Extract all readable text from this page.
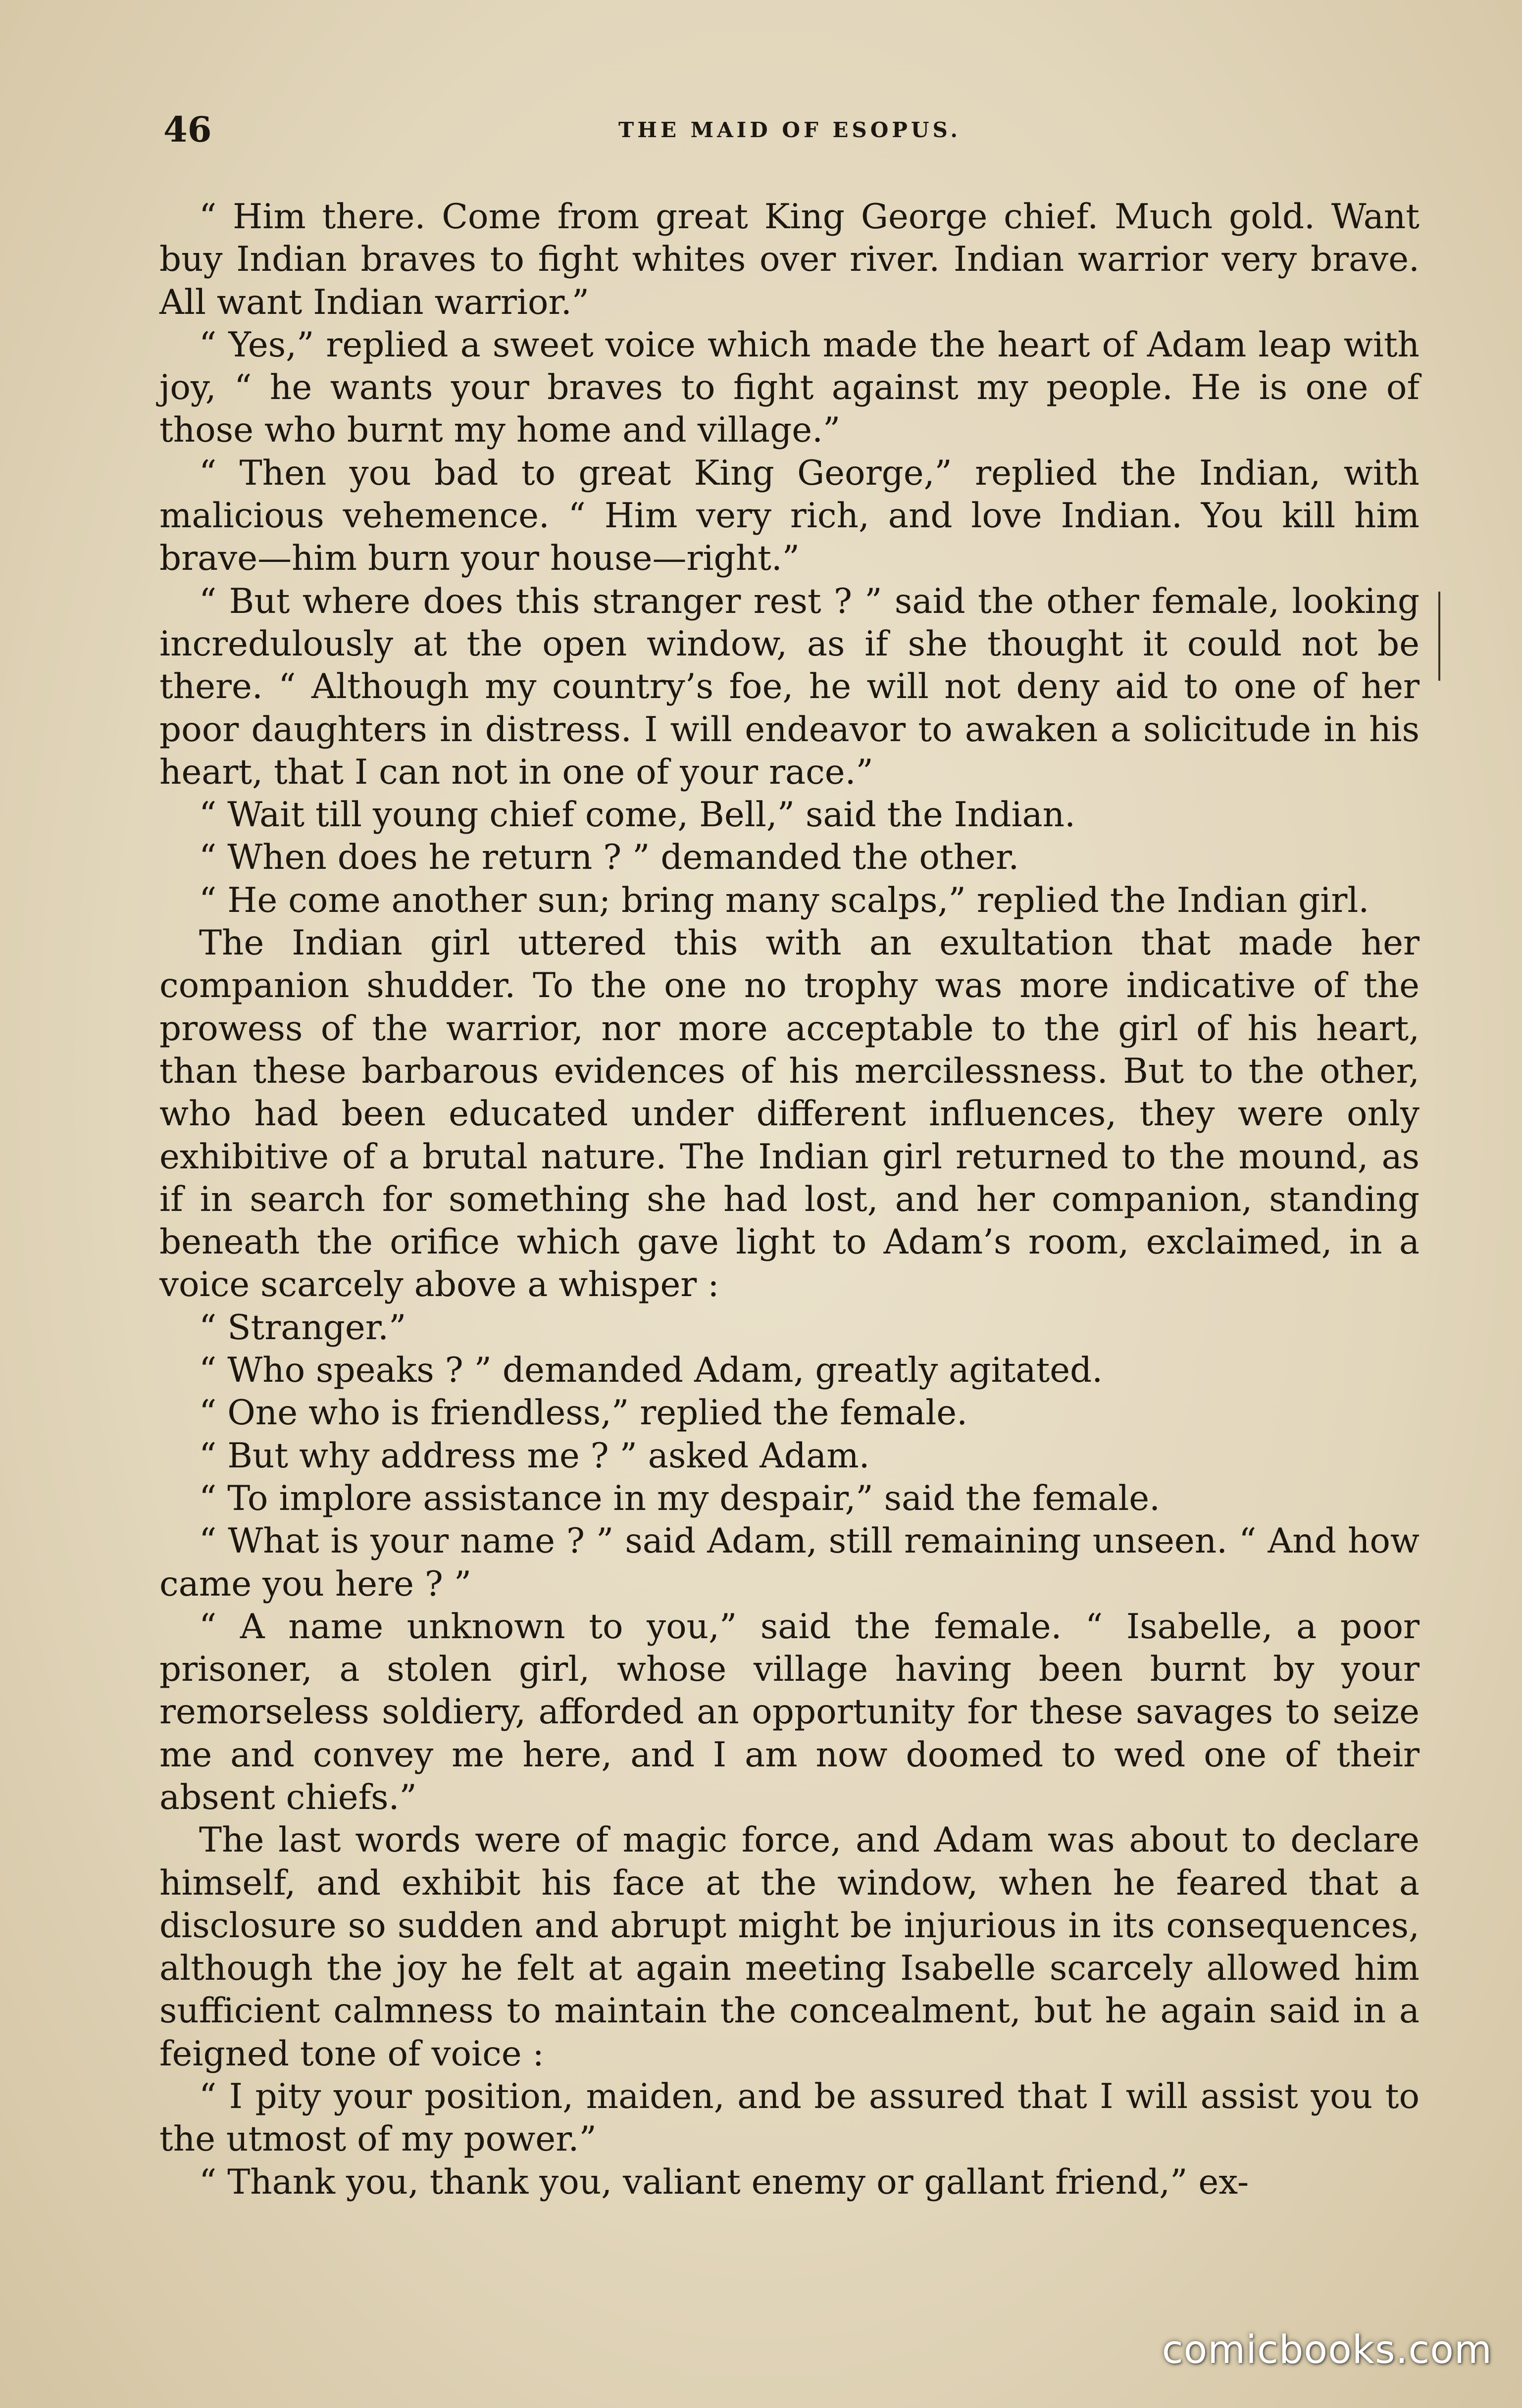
46	THE MAID OF ESOPUS.

“ Him there. Come from great King George chief. Much gold. Want buy Indian braves to fight whites over river. Indian warrior very brave. All want Indian warrior.”

“ Yes,” replied a sweet voice which made the heart of Adam leap with joy, “ he wants your braves to fight against my people. He is one of those who burnt my home and village.”

“ Then you bad to great King George,” replied the Indian, with malicious vehemence. “ Him very rich, and love Indian. You kill him brave—him burn your house—right.”

“ But where does this stranger rest ? ” said the other female, looking incredulously at the open window, as if she thought it could not be there. “ Although my country’s foe, he will not deny aid to one of her poor daughters in distress. I will endeavor to awaken a solicitude in his heart, that I can not in one of your race.”

“ Wait till young chief come, Bell,” said the Indian.

“ When does he return ? ” demanded the other.

“ He come another sun; bring many scalps,” replied the Indian girl.

The Indian girl uttered this with an exultation that made her companion shudder. To the one no trophy was more indicative of the prowess of the warrior, nor more acceptable to the girl of his heart, than these barbarous evidences of his mercilessness. But to the other, who had been educated under different influences, they were only exhibitive of a brutal nature. The Indian girl returned to the mound, as if in search for something she had lost, and her companion, standing beneath the orifice which gave light to Adam’s room, exclaimed, in a voice scarcely above a whisper :

“ Stranger.”

“ Who speaks ? ” demanded Adam, greatly agitated.

“ One who is friendless,” replied the female.

“ But why address me ? ” asked Adam.

“ To implore assistance in my despair,” said the female.

“ What is your name ? ” said Adam, still remaining unseen. “ And how came you here ? ”

“ A name unknown to you,” said the female. “ Isabelle, a poor prisoner, a stolen girl, whose village having been burnt by your remorseless soldiery, afforded an opportunity for these savages to seize me and convey me here, and I am now doomed to wed one of their absent chiefs.”

The last words were of magic force, and Adam was about to declare himself, and exhibit his face at the window, when he feared that a disclosure so sudden and abrupt might be injurious in its consequences, although the joy he felt at again meeting Isabelle scarcely allowed him sufficient calmness to maintain the concealment, but he again said in a feigned tone of voice :

“ I pity your position, maiden, and be assured that I will assist you to the utmost of my power.”

“ Thank you, thank you, valiant enemy or gallant friend,” ex-

comicbooks.com
